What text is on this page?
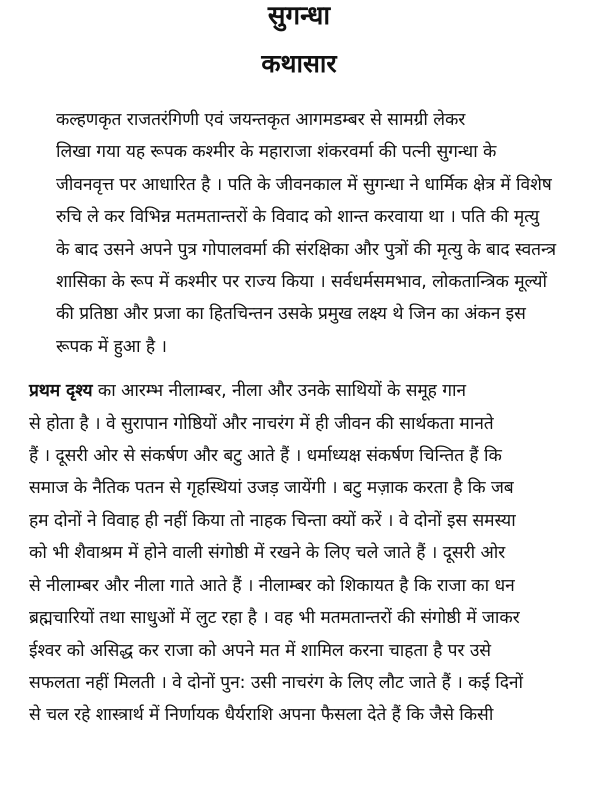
सुगन्धा
कथासार

कल्हणकृत राजतरंगिणी एवं जयन्तकृत आगमडम्बर से सामग्री लेकर
लिखा गया यह रूपक कश्मीर के महाराजा शंकरवर्मा की पत्नी सुगन्धा के
जीवनवृत्त पर आधारित है । पति के जीवनकाल में सुगन्धा ने धार्मिक क्षेत्र में विशेष
रुचि ले कर विभिन्न मतमतान्तरों के विवाद को शान्त करवाया था । पति की मृत्यु
के बाद उसने अपने पुत्र गोपालवर्मा की संरक्षिका और पुत्रों की मृत्यु के बाद स्वतन्त्र
शासिका के रूप में कश्मीर पर राज्य किया । सर्वधर्मसमभाव, लोकतान्त्रिक मूल्यों
की प्रतिष्ठा और प्रजा का हितचिन्तन उसके प्रमुख लक्ष्य थे जिन का अंकन इस
रूपक में हुआ है ।

प्रथम दृश्य का आरम्भ नीलाम्बर, नीला और उनके साथियों के समूह गान
से होता है । वे सुरापान गोष्ठियों और नाचरंग में ही जीवन की सार्थकता मानते
हैं । दूसरी ओर से संकर्षण और बटु आते हैं । धर्माध्यक्ष संकर्षण चिन्तित हैं कि
समाज के नैतिक पतन से गृहस्थियां उजड़ जायेंगी । बटु मज़ाक करता है कि जब
हम दोनों ने विवाह ही नहीं किया तो नाहक चिन्ता क्यों करें । वे दोनों इस समस्या
को भी शैवाश्रम में होने वाली संगोष्ठी में रखने के लिए चले जाते हैं । दूसरी ओर
से नीलाम्बर और नीला गाते आते हैं । नीलाम्बर को शिकायत है कि राजा का धन
ब्रह्मचारियों तथा साधुओं में लुट रहा है । वह भी मतमतान्तरों की संगोष्ठी में जाकर
ईश्वर को असिद्ध कर राजा को अपने मत में शामिल करना चाहता है पर उसे
सफलता नहीं मिलती । वे दोनों पुन: उसी नाचरंग के लिए लौट जाते हैं । कई दिनों
से चल रहे शास्त्रार्थ में निर्णायक धैर्यराशि अपना फैसला देते हैं कि जैसे किसी
